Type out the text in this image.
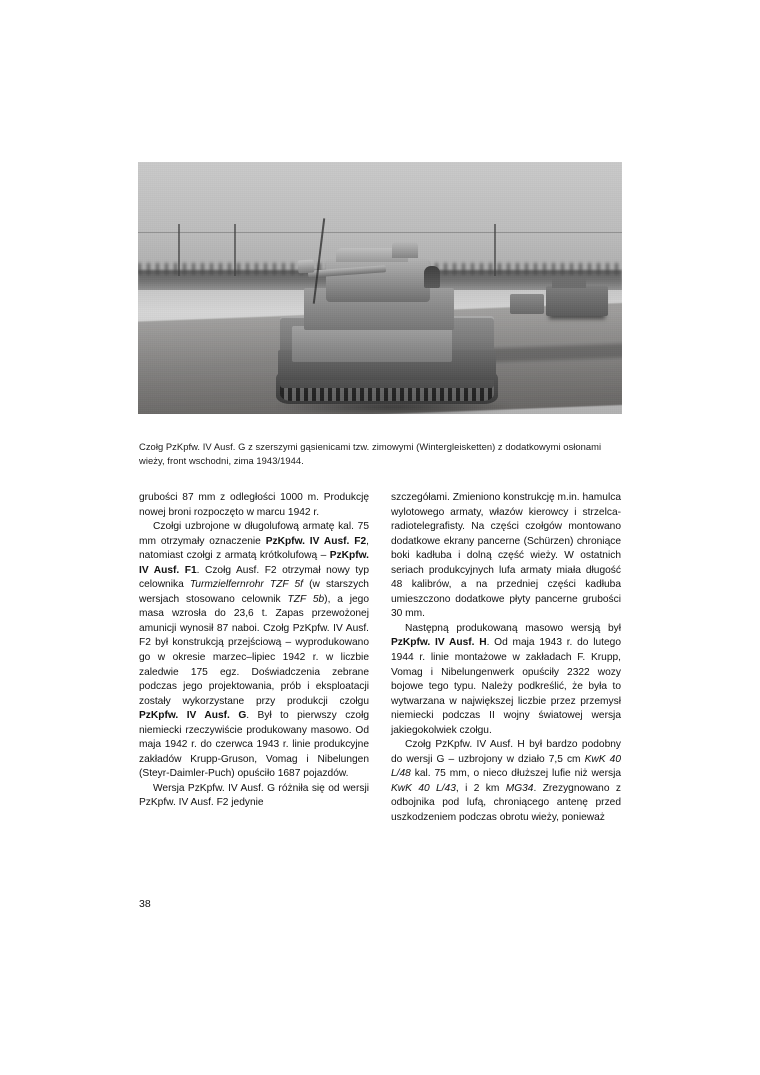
Czołg PzKpfw. IV Ausf. G z szerszymi gąsienicami tzw. zimowymi (Wintergleisketten) z dodatkowymi osłonami wieży, front wschodni, zima 1943/1944.

grubości 87 mm z odległości 1000 m. Produkcję nowej broni rozpoczęto w marcu 1942 r.

Czołgi uzbrojone w długolufową armatę kal. 75 mm otrzymały oznaczenie PzKpfw. IV Ausf. F2, natomiast czołgi z armatą krótkolufową – PzKpfw. IV Ausf. F1. Czołg Ausf. F2 otrzymał nowy typ celownika Turmzielfernrohr TZF 5f (w starszych wersjach stosowano celownik TZF 5b), a jego masa wzrosła do 23,6 t. Zapas przewożonej amunicji wynosił 87 naboi. Czołg PzKpfw. IV Ausf. F2 był konstrukcją przejściową – wyprodukowano go w okresie marzec–lipiec 1942 r. w liczbie zaledwie 175 egz. Doświadczenia zebrane podczas jego projektowania, prób i eksploatacji zostały wykorzystane przy produkcji czołgu PzKpfw. IV Ausf. G. Był to pierwszy czołg niemiecki rzeczywiście produkowany masowo. Od maja 1942 r. do czerwca 1943 r. linie produkcyjne zakładów Krupp-Gruson, Vomag i Nibelungen (Steyr-Daimler-Puch) opuściło 1687 pojazdów.

Wersja PzKpfw. IV Ausf. G różniła się od wersji PzKpfw. IV Ausf. F2 jedynie

szczegółami. Zmieniono konstrukcję m.in. hamulca wylotowego armaty, włazów kierowcy i strzelca-radiotelegrafisty. Na części czołgów montowano dodatkowe ekrany pancerne (Schürzen) chroniące boki kadłuba i dolną część wieży. W ostatnich seriach produkcyjnych lufa armaty miała długość 48 kalibrów, a na przedniej części kadłuba umieszczono dodatkowe płyty pancerne grubości 30 mm.

Następną produkowaną masowo wersją był PzKpfw. IV Ausf. H. Od maja 1943 r. do lutego 1944 r. linie montażowe w zakładach F. Krupp, Vomag i Nibelungenwerk opuściły 2322 wozy bojowe tego typu. Należy podkreślić, że była to wytwarzana w największej liczbie przez przemysł niemiecki podczas II wojny światowej wersja jakiegokolwiek czołgu.

Czołg PzKpfw. IV Ausf. H był bardzo podobny do wersji G – uzbrojony w działo 7,5 cm KwK 40 L/48 kal. 75 mm, o nieco dłuższej lufie niż wersja KwK 40 L/43, i 2 km MG34. Zrezygnowano z odbojnika pod lufą, chroniącego antenę przed uszkodzeniem podczas obrotu wieży, ponieważ

38
